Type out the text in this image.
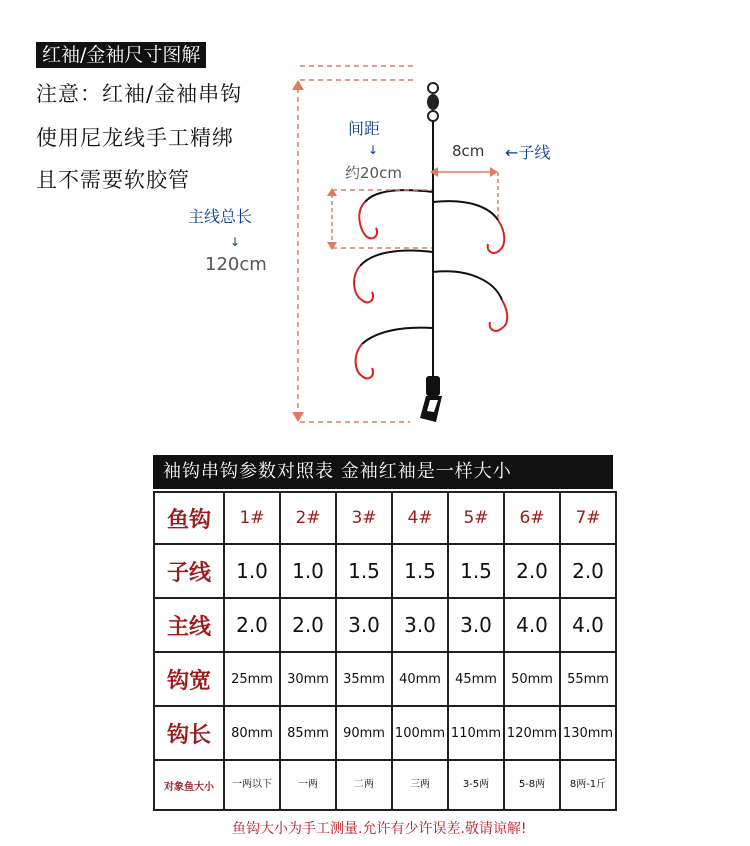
红袖/金袖尺寸图解
注意：红袖/金袖串钩
使用尼龙线手工精绑
且不需要软胶管
间距
↓
约20cm
8cm ←子线
主线总长
↓
120cm
袖钩串钩参数对照表 金袖红袖是一样大小
鱼钩	1#	2#	3#	4#	5#	6#	7#
子线	1.0	1.0	1.5	1.5	1.5	2.0	2.0
主线	2.0	2.0	3.0	3.0	3.0	4.0	4.0
钩宽	25mm	30mm	35mm	40mm	45mm	50mm	55mm
钩长	80mm	85mm	90mm	100mm	110mm	120mm	130mm
对象鱼大小	一两以下	一两	二两	三两	3-5两	5-8两	8两-1斤
鱼钩大小为手工测量.允许有少许误差.敬请谅解!
